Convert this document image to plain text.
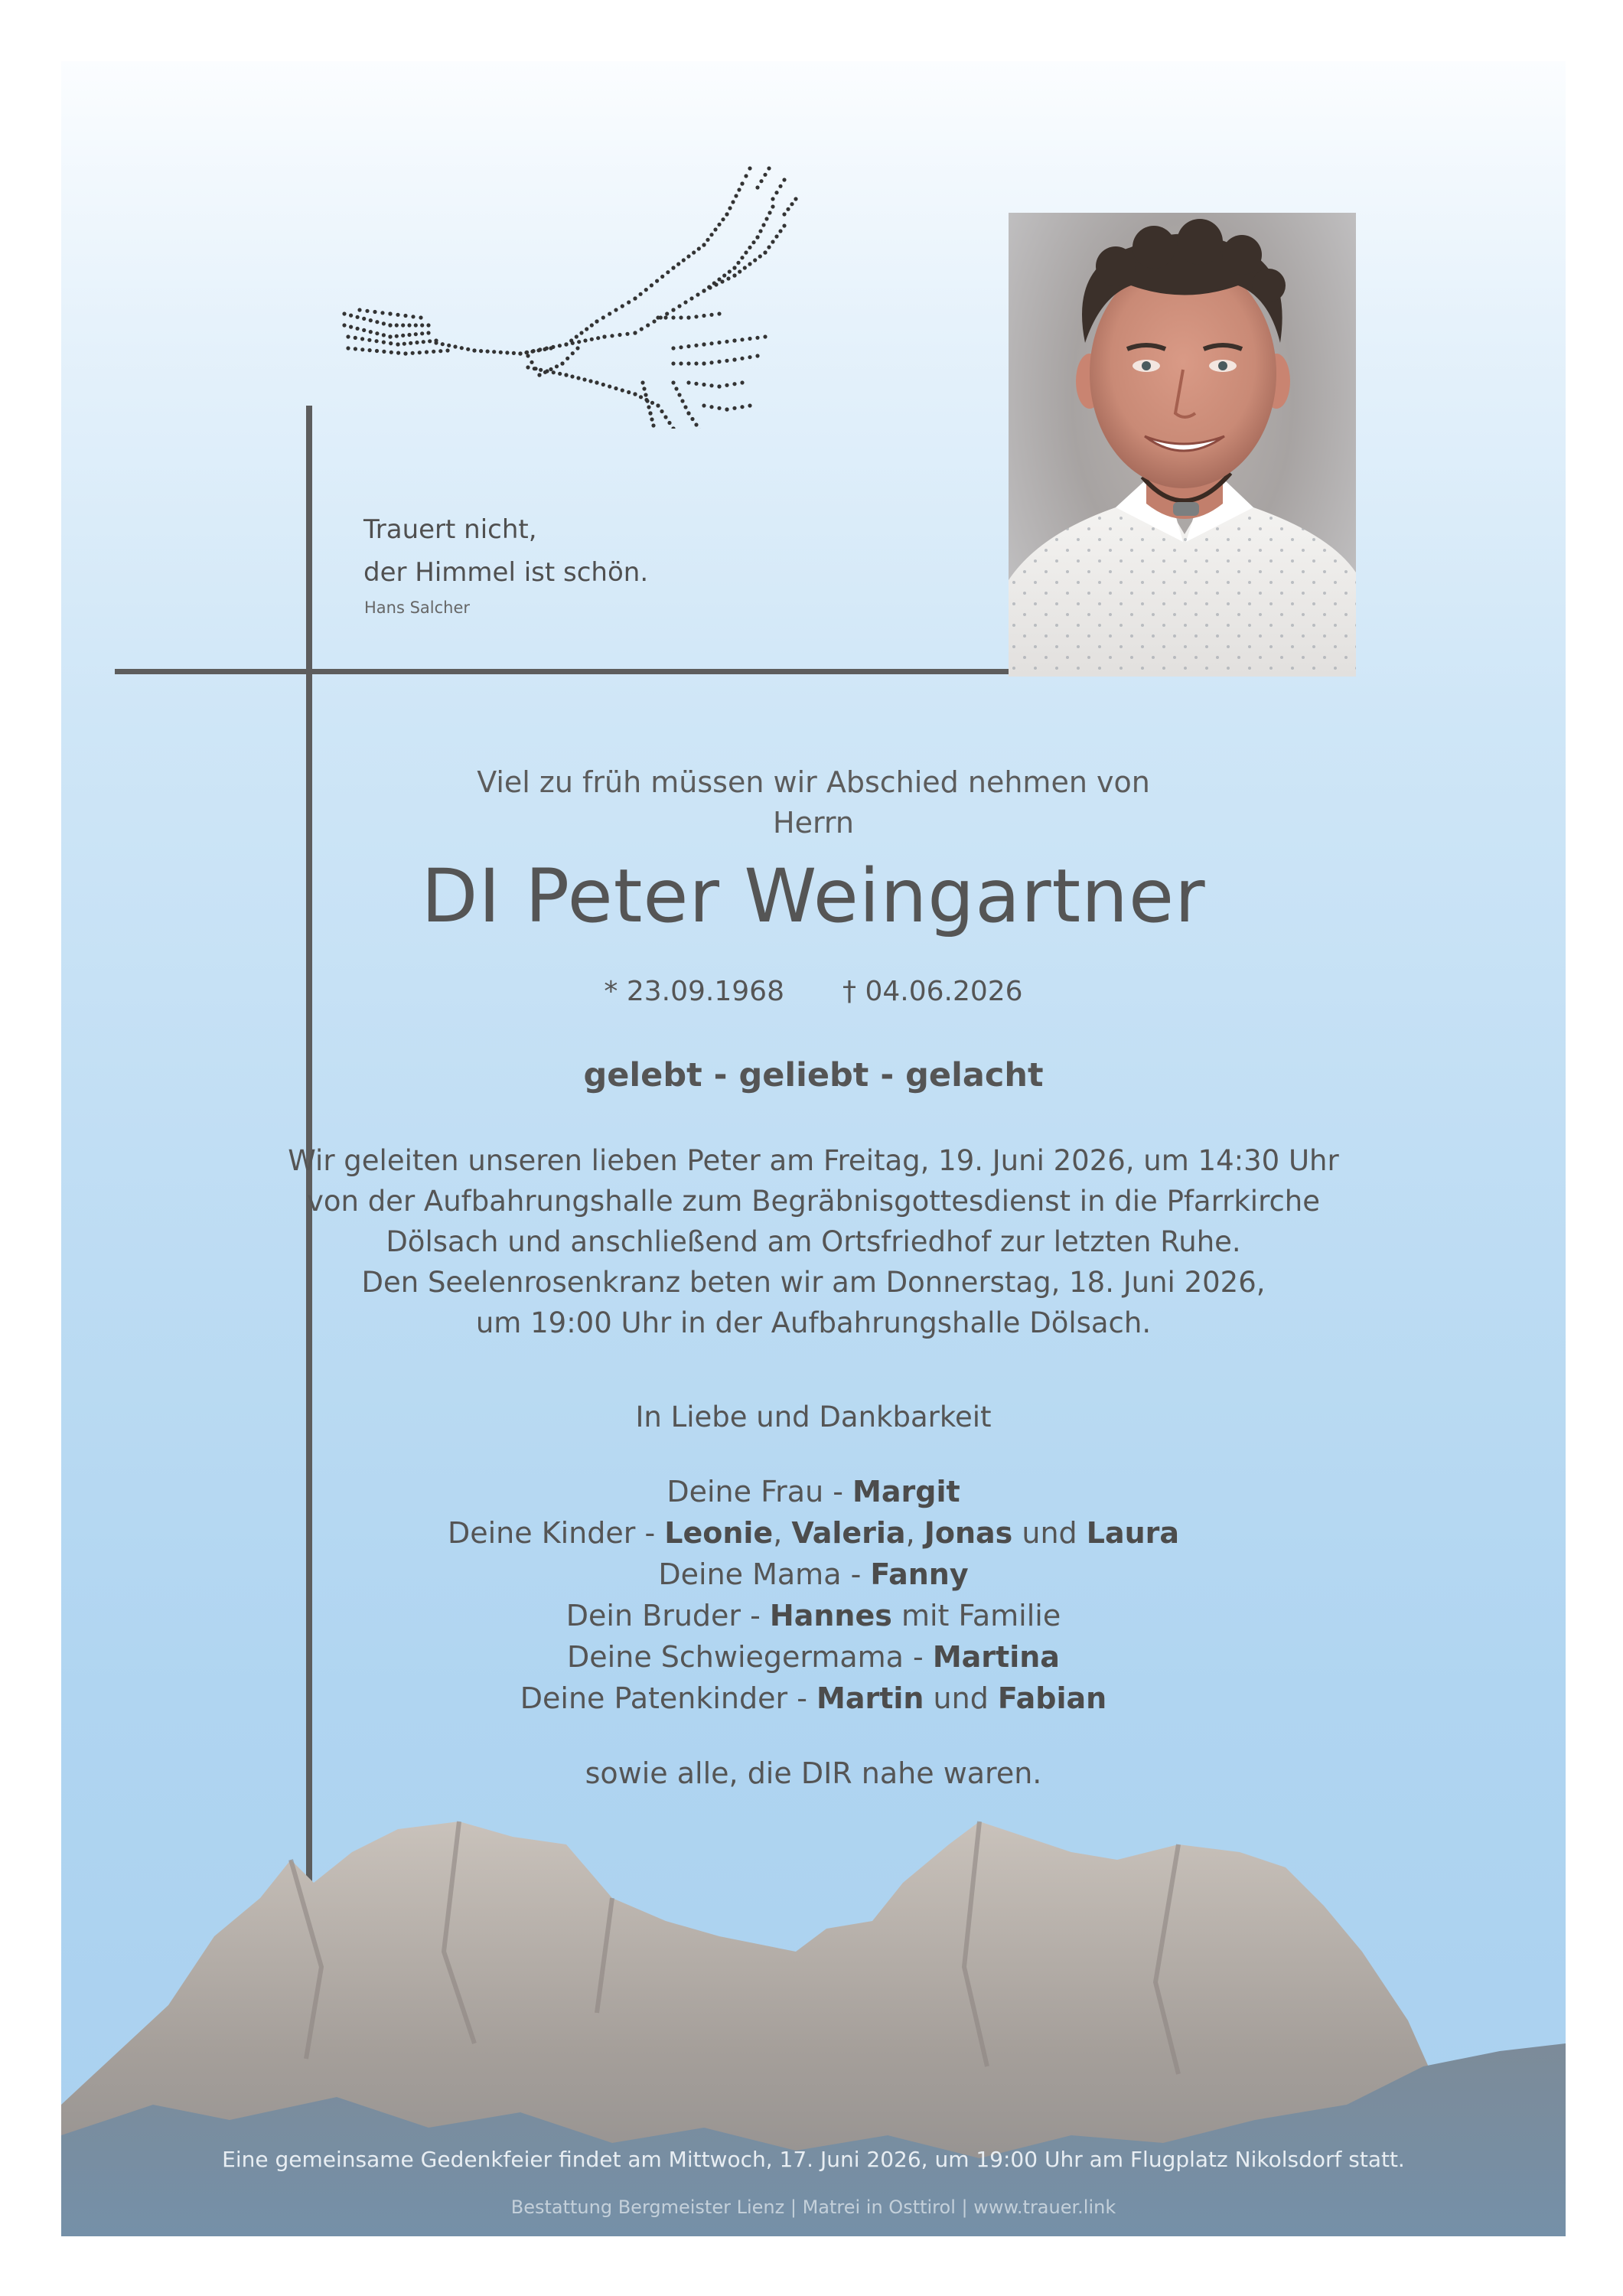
Trauert nicht,
der Himmel ist schön.
Hans Salcher
Viel zu früh müssen wir Abschied nehmen von
Herrn
DI Peter Weingartner
* 23.09.1968 † 04.06.2026
gelebt - geliebt - gelacht
Wir geleiten unseren lieben Peter am Freitag, 19. Juni 2026, um 14:30 Uhr
von der Aufbahrungshalle zum Begräbnisgottesdienst in die Pfarrkirche
Dölsach und anschließend am Ortsfriedhof zur letzten Ruhe.
Den Seelenrosenkranz beten wir am Donnerstag, 18. Juni 2026,
um 19:00 Uhr in der Aufbahrungshalle Dölsach.
In Liebe und Dankbarkeit
Deine Frau - Margit
Deine Kinder - Leonie, Valeria, Jonas und Laura
Deine Mama - Fanny
Dein Bruder - Hannes mit Familie
Deine Schwiegermama - Martina
Deine Patenkinder - Martin und Fabian
sowie alle, die DIR nahe waren.
Eine gemeinsame Gedenkfeier findet am Mittwoch, 17. Juni 2026, um 19:00 Uhr am Flugplatz Nikolsdorf statt.
Bestattung Bergmeister Lienz | Matrei in Osttirol | www.trauer.link
